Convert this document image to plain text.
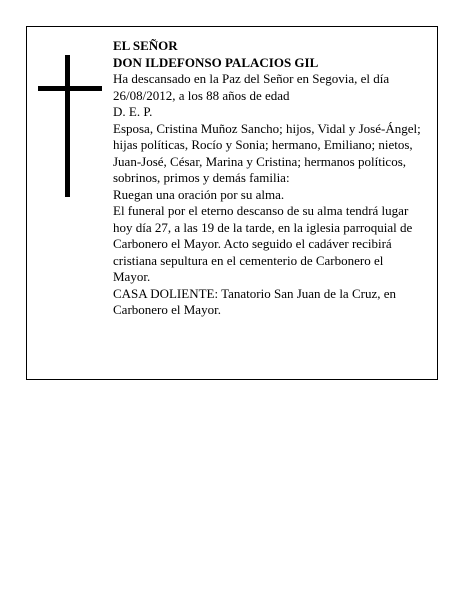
EL SEÑOR

DON ILDEFONSO PALACIOS GIL

Ha descansado en la Paz del Señor en Segovia, el día 26/08/2012, a los 88 años de edad

D. E. P.

Esposa, Cristina Muñoz Sancho; hijos, Vidal y José-Ángel; hijas políticas, Rocío y Sonia; hermano, Emiliano; nietos, Juan-José, César, Marina y Cristina; hermanos políticos, sobrinos, primos y demás familia:

Ruegan una oración por su alma.

El funeral por el eterno descanso de su alma tendrá lugar hoy día 27, a las 19 de la tarde, en la iglesia parroquial de Carbonero el Mayor. Acto seguido el cadáver recibirá cristiana sepultura en el cementerio de Carbonero el Mayor.

CASA DOLIENTE: Tanatorio San Juan de la Cruz, en Carbonero el Mayor.
